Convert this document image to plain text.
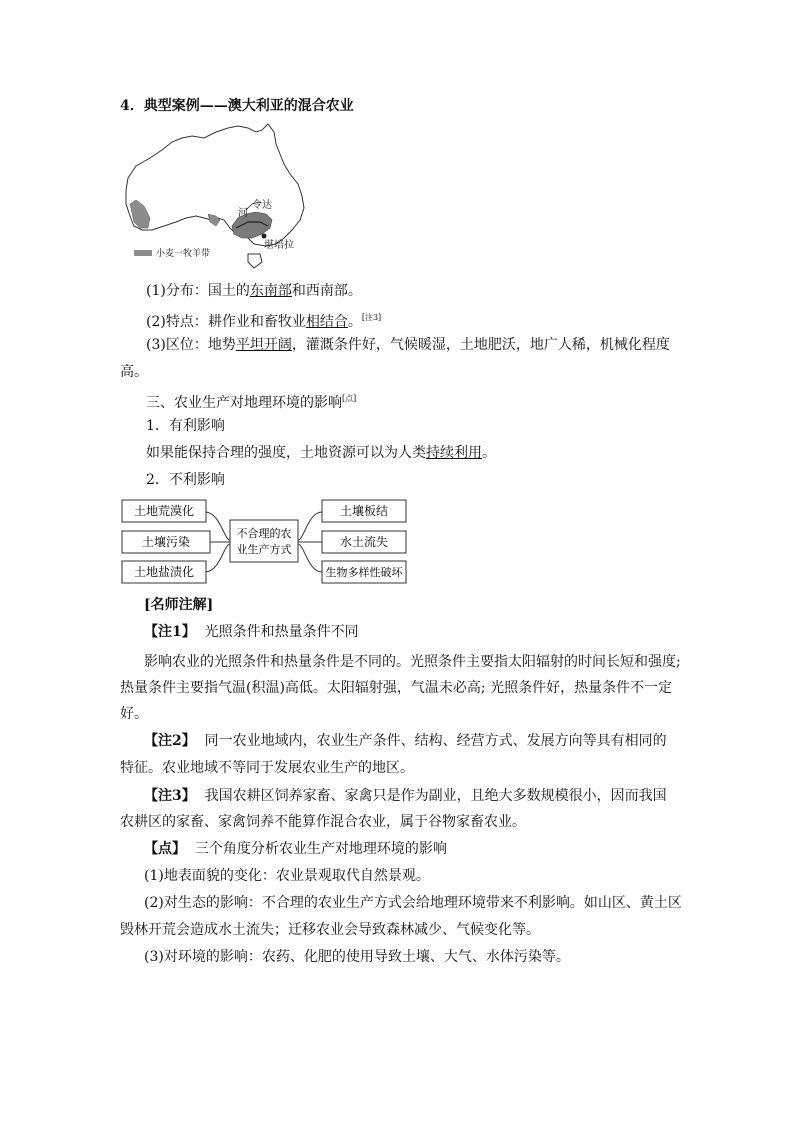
4．典型案例——澳大利亚的混合农业
河
令达
堪培拉
小麦一牧羊带
(1)分布：国土的东南部和西南部。
(2)特点：耕作业和畜牧业相结合。[注3]
(3)区位：地势平坦开阔，灌溉条件好，气候暖湿，土地肥沃，地广人稀，机械化程度
高。
三、农业生产对地理环境的影响[点]
1．有利影响
如果能保持合理的强度，土地资源可以为人类持续利用。
2．不利影响
土地荒漠化
土壤污染
土地盐渍化
不合理的农
业生产方式
土壤板结
水土流失
生物多样性破坏
[名师注解]
【注1】 光照条件和热量条件不同
影响农业的光照条件和热量条件是不同的。光照条件主要指太阳辐射的时间长短和强度;
热量条件主要指气温(积温)高低。太阳辐射强，气温未必高; 光照条件好，热量条件不一定
好。
【注2】 同一农业地域内，农业生产条件、结构、经营方式、发展方向等具有相同的
特征。农业地域不等同于发展农业生产的地区。
【注3】 我国农耕区饲养家畜、家禽只是作为副业，且绝大多数规模很小，因而我国
农耕区的家畜、家禽饲养不能算作混合农业，属于谷物家畜农业。
【点】 三个角度分析农业生产对地理环境的影响
(1)地表面貌的变化：农业景观取代自然景观。
(2)对生态的影响：不合理的农业生产方式会给地理环境带来不利影响。如山区、黄土区
毁林开荒会造成水土流失；迁移农业会导致森林减少、气候变化等。
(3)对环境的影响：农药、化肥的使用导致土壤、大气、水体污染等。
